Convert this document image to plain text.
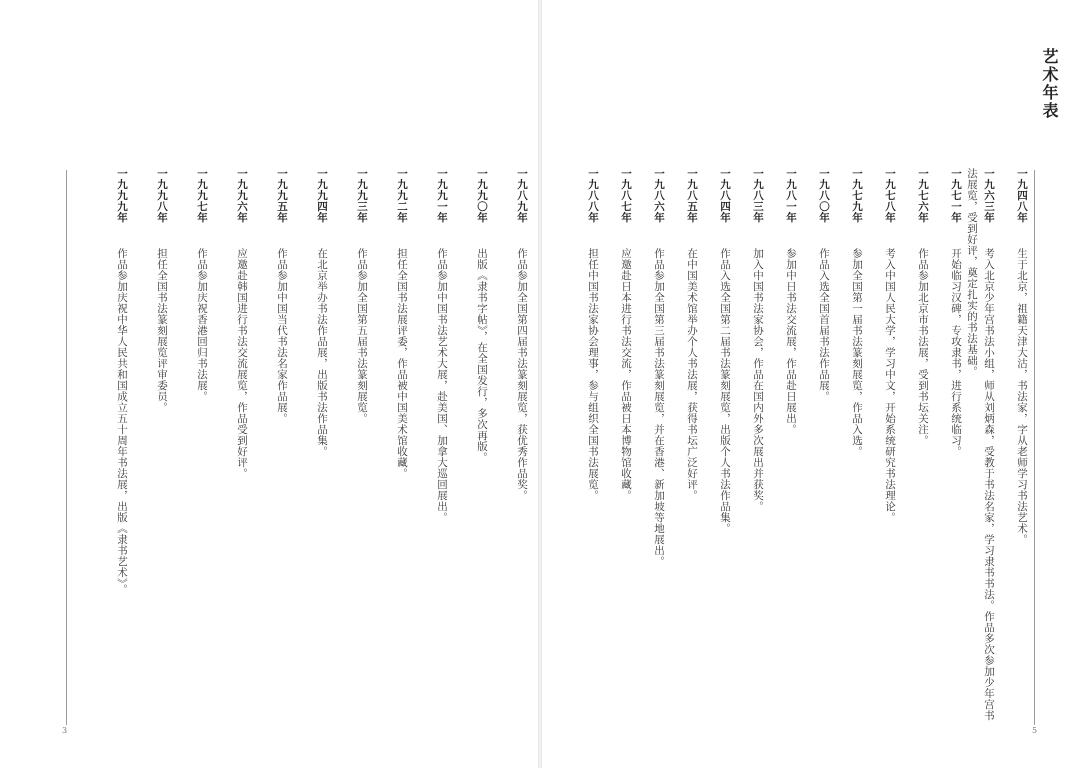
艺术年表
3	5
一九四八年　生于北京，祖籍天津大沽，书法家，字从老师学习书法艺术。
一九六三年　考入北京少年宫书法小组，师从刘炳森，受教于书法名家，学习隶书书法。作品多次参加少年宫书法展览，受到好评，奠定扎实的书法基础。
一九七一年　开始临习汉碑，专攻隶书，进行系统临习。
一九七六年　作品参加北京市书法展，受到书坛关注。
一九七八年　考入中国人民大学，学习中文，开始系统研究书法理论。
一九七九年　参加全国第一届书法篆刻展览，作品入选。
一九八〇年　作品入选全国首届书法作品展。
一九八一年　参加中日书法交流展，作品赴日展出。
一九八三年　加入中国书法家协会，作品在国内外多次展出并获奖。
一九八四年　作品入选全国第二届书法篆刻展览，出版个人书法作品集。
一九八五年　在中国美术馆举办个人书法展，获得书坛广泛好评。
一九八六年　作品参加全国第三届书法篆刻展览，并在香港、新加坡等地展出。
一九八七年　应邀赴日本进行书法交流，作品被日本博物馆收藏。
一九八八年　担任中国书法家协会理事，参与组织全国书法展览。
一九八九年　作品参加全国第四届书法篆刻展览，获优秀作品奖。
一九九〇年　出版《隶书字帖》，在全国发行，多次再版。
一九九一年　作品参加中国书法艺术大展，赴美国、加拿大巡回展出。
一九九二年　担任全国书法展评委，作品被中国美术馆收藏。
一九九三年　作品参加全国第五届书法篆刻展览。
一九九四年　在北京举办书法作品展，出版书法作品集。
一九九五年　作品参加中国当代书法名家作品展。
一九九六年　应邀赴韩国进行书法交流展览，作品受到好评。
一九九七年　作品参加庆祝香港回归书法展。
一九九八年　担任全国书法篆刻展览评审委员。
一九九九年　作品参加庆祝中华人民共和国成立五十周年书法展，出版《隶书艺术》。
